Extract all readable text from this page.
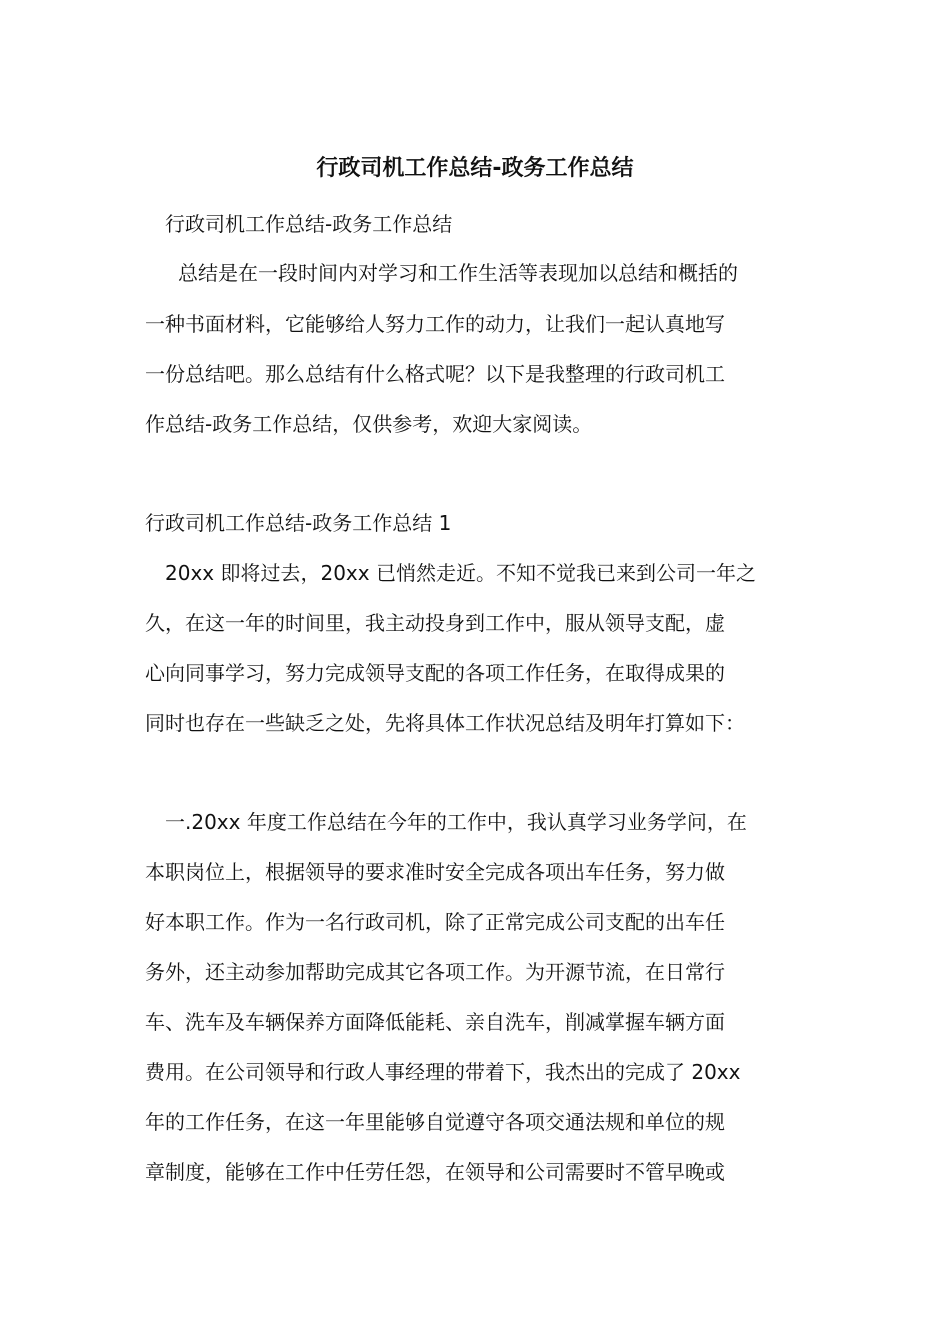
行政司机工作总结-政务工作总结

行政司机工作总结-政务工作总结

总结是在一段时间内对学习和工作生活等表现加以总结和概括的

一种书面材料，它能够给人努力工作的动力，让我们一起认真地写

一份总结吧。那么总结有什么格式呢？以下是我整理的行政司机工

作总结-政务工作总结，仅供参考，欢迎大家阅读。

行政司机工作总结-政务工作总结 1

20xx 即将过去，20xx 已悄然走近。不知不觉我已来到公司一年之

久，在这一年的时间里，我主动投身到工作中，服从领导支配，虚

心向同事学习，努力完成领导支配的各项工作任务，在取得成果的

同时也存在一些缺乏之处，先将具体工作状况总结及明年打算如下：

一.20xx 年度工作总结在今年的工作中，我认真学习业务学问，在

本职岗位上，根据领导的要求准时安全完成各项出车任务，努力做

好本职工作。作为一名行政司机，除了正常完成公司支配的出车任

务外，还主动参加帮助完成其它各项工作。为开源节流，在日常行

车、洗车及车辆保养方面降低能耗、亲自洗车，削减掌握车辆方面

费用。在公司领导和行政人事经理的带着下，我杰出的完成了 20xx

年的工作任务，在这一年里能够自觉遵守各项交通法规和单位的规

章制度，能够在工作中任劳任怨，在领导和公司需要时不管早晚或
